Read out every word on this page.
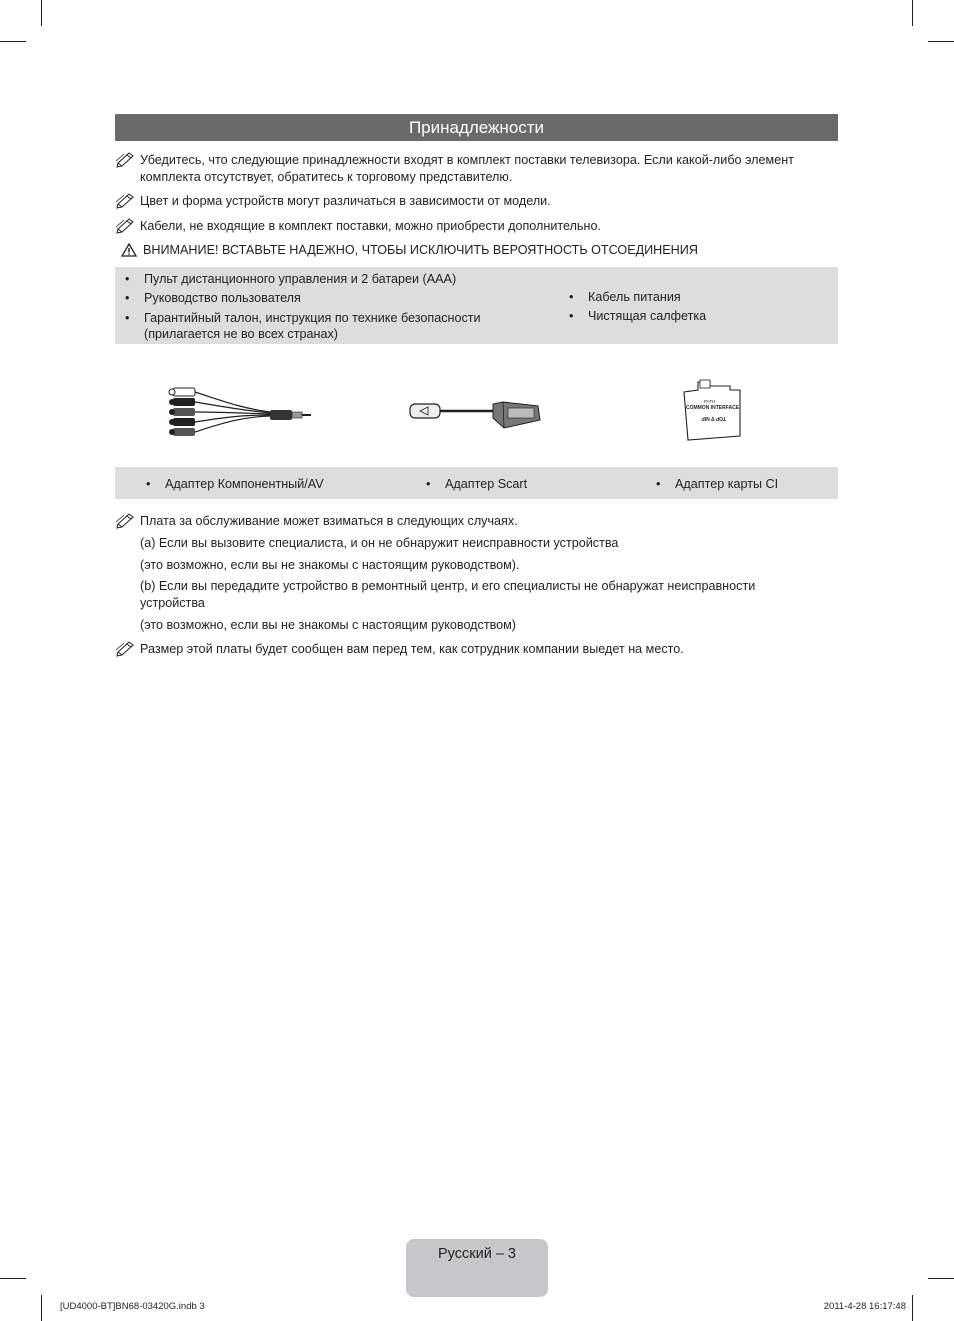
Принадлежности
Убедитесь, что следующие принадлежности входят в комплект поставки телевизора. Если какой-либо элемент комплекта отсутствует, обратитесь к торговому представителю.
Цвет и форма устройств могут различаться в зависимости от модели.
Кабели, не входящие в комплект поставки, можно приобрести дополнительно.
ВНИМАНИЕ! ВСТАВЬТЕ НАДЕЖНО, ЧТОБЫ ИСКЛЮЧИТЬ ВЕРОЯТНОСТЬ ОТСОЕДИНЕНИЯ
• Пульт дистанционного управления и 2 батареи (AAA)
• Руководство пользователя
• Гарантийный талон, инструкция по технике безопасности (прилагается не во всех странах)
• Кабель питания
• Чистящая салфетка
PATH
COMMON INTERFACE
TOP ∇ NIP
• Адаптер Компонентный/AV	• Адаптер Scart	• Адаптер карты CI
Плата за обслуживание может взиматься в следующих случаях.
(a) Если вы вызовите специалиста, и он не обнаружит неисправности устройства
(это возможно, если вы не знакомы с настоящим руководством).
(b) Если вы передадите устройство в ремонтный центр, и его специалисты не обнаружат неисправности устройства
(это возможно, если вы не знакомы с настоящим руководством)
Размер этой платы будет сообщен вам перед тем, как сотрудник компании выедет на место.
Русский – 3
[UD4000-BT]BN68-03420G.indb 3	2011-4-28 16:17:48
